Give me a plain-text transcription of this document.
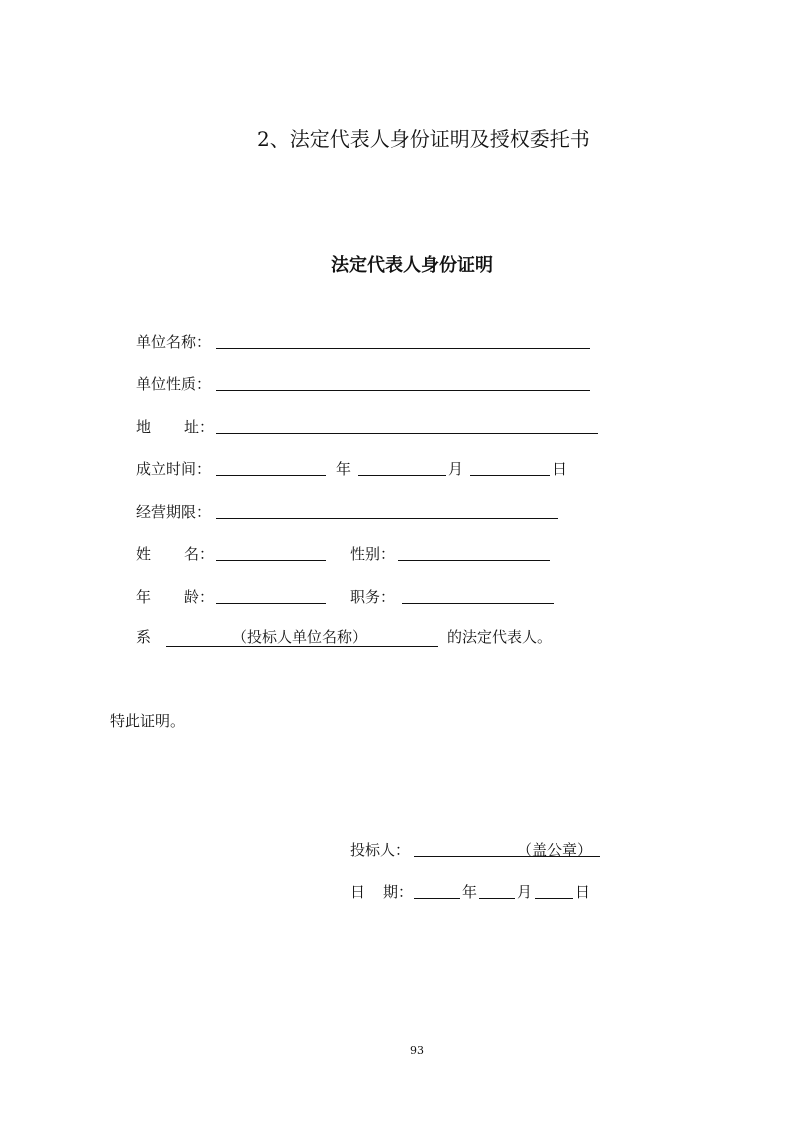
2、法定代表人身份证明及授权委托书
法定代表人身份证明
单位名称：
单位性质：
地 址：
成立时间：	年	月	日
经营期限：
姓 名：	性别：
年 龄：	职务：
系	（投标人单位名称）	的法定代表人。
特此证明。
投标人：	（盖公章）
日 期：	年	月	日
93
